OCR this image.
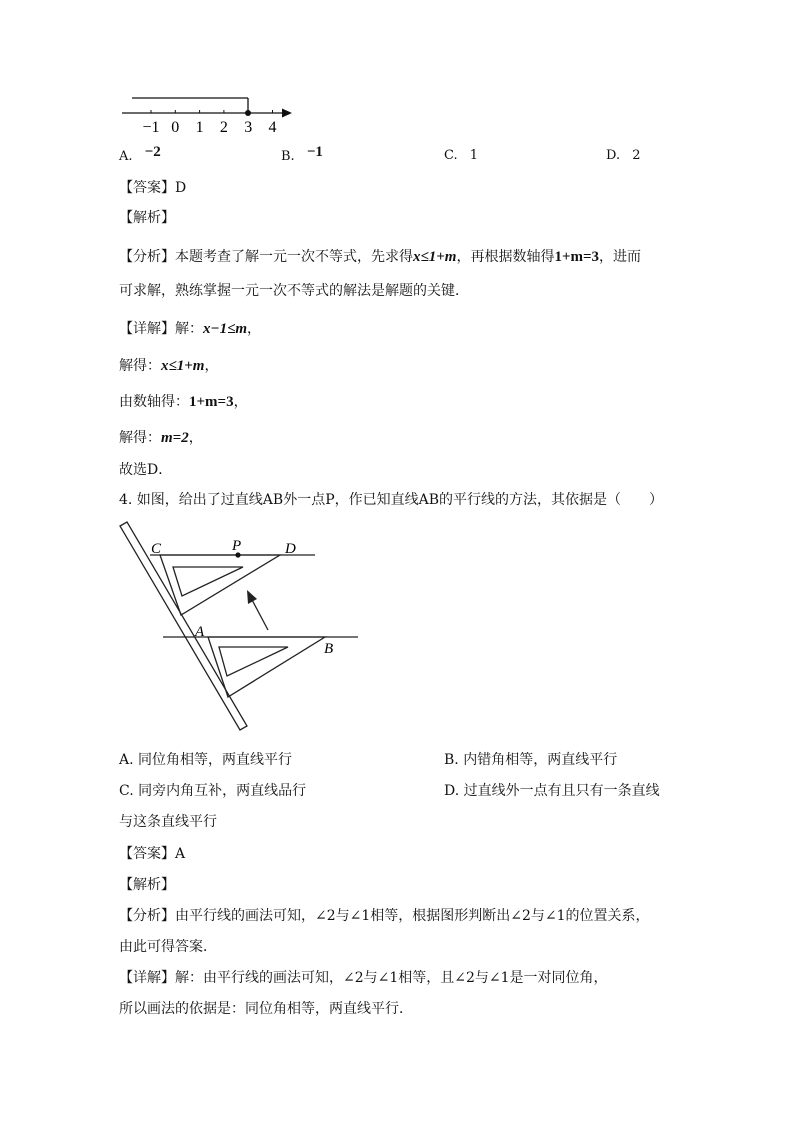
−1 0 1 2 3 4
A. −2	B. −1	C. 1	D. 2
【答案】D
【解析】
【分析】本题考查了解一元一次不等式，先求得x≤1+m，再根据数轴得1+m=3，进而
可求解，熟练掌握一元一次不等式的解法是解题的关键．
【详解】解：x−1≤m，
解得：x≤1+m，
由数轴得：1+m=3，
解得：m=2，
故选D．
4. 如图，给出了过直线AB外一点P，作已知直线AB的平行线的方法，其依据是（　　）
C	P	D
A
B
A. 同位角相等，两直线平行	B. 内错角相等，两直线平行
C. 同旁内角互补，两直线品行	D. 过直线外一点有且只有一条直线
与这条直线平行
【答案】A
【解析】
【分析】由平行线的画法可知，∠2与∠1相等，根据图形判断出∠2与∠1的位置关系，
由此可得答案．
【详解】解：由平行线的画法可知，∠2与∠1相等，且∠2与∠1是一对同位角，
所以画法的依据是：同位角相等，两直线平行．
